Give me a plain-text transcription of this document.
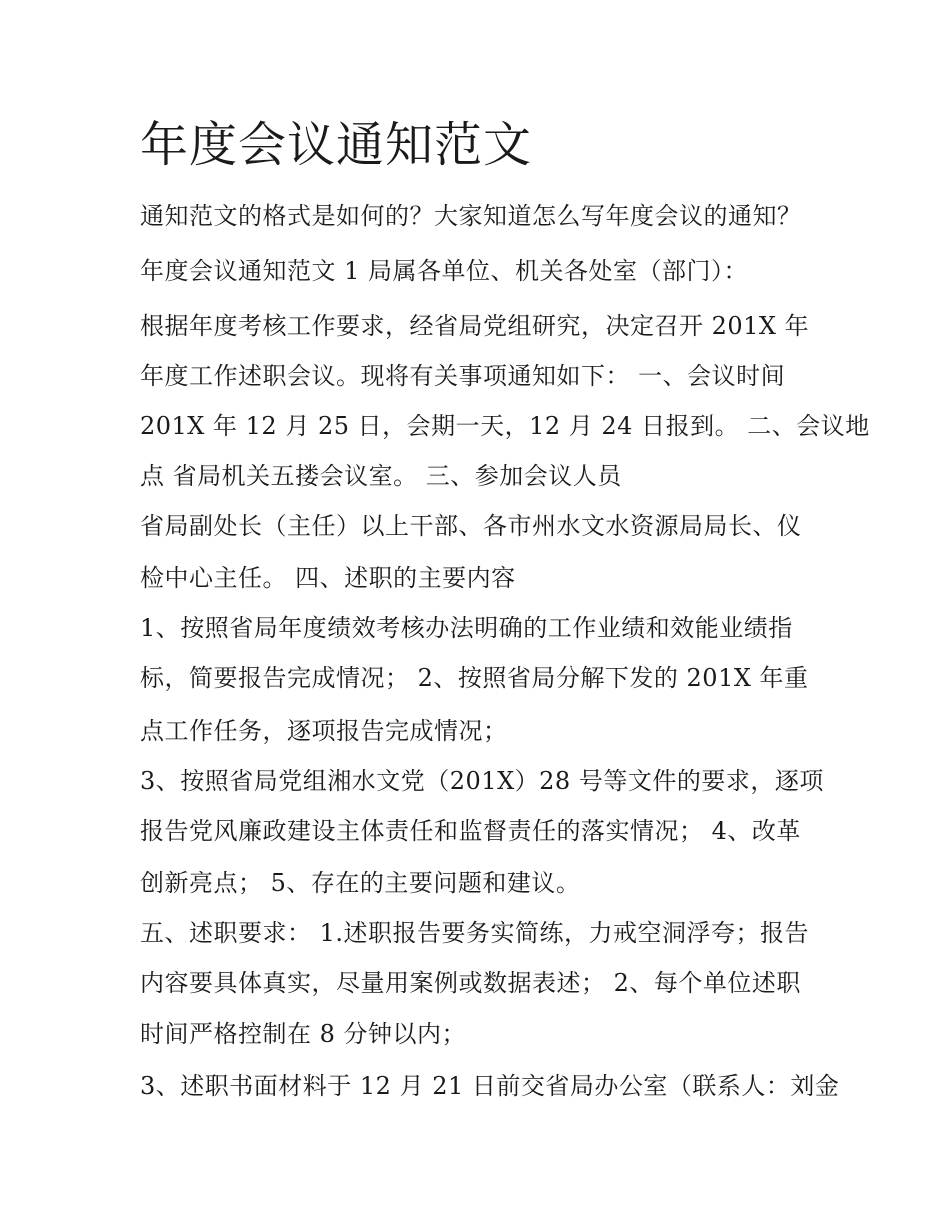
年度会议通知范文

通知范文的格式是如何的？大家知道怎么写年度会议的通知？

年度会议通知范文 1 局属各单位、机关各处室（部门）：

根据年度考核工作要求，经省局党组研究，决定召开 201X 年

年度工作述职会议。现将有关事项通知如下： 一、会议时间

201X 年 12 月 25 日，会期一天，12 月 24 日报到。 二、会议地

点 省局机关五搂会议室。 三、参加会议人员

省局副处长（主任）以上干部、各市州水文水资源局局长、仪

检中心主任。 四、述职的主要内容

1、按照省局年度绩效考核办法明确的工作业绩和效能业绩指

标，简要报告完成情况； 2、按照省局分解下发的 201X 年重

点工作任务，逐项报告完成情况；

3、按照省局党组湘水文党（201X）28 号等文件的要求，逐项

报告党风廉政建设主体责任和监督责任的落实情况； 4、改革

创新亮点； 5、存在的主要问题和建议。

五、述职要求： 1.述职报告要务实简练，力戒空洞浮夸；报告

内容要具体真实，尽量用案例或数据表述； 2、每个单位述职

时间严格控制在 8 分钟以内；

3、述职书面材料于 12 月 21 日前交省局办公室（联系人：刘金
